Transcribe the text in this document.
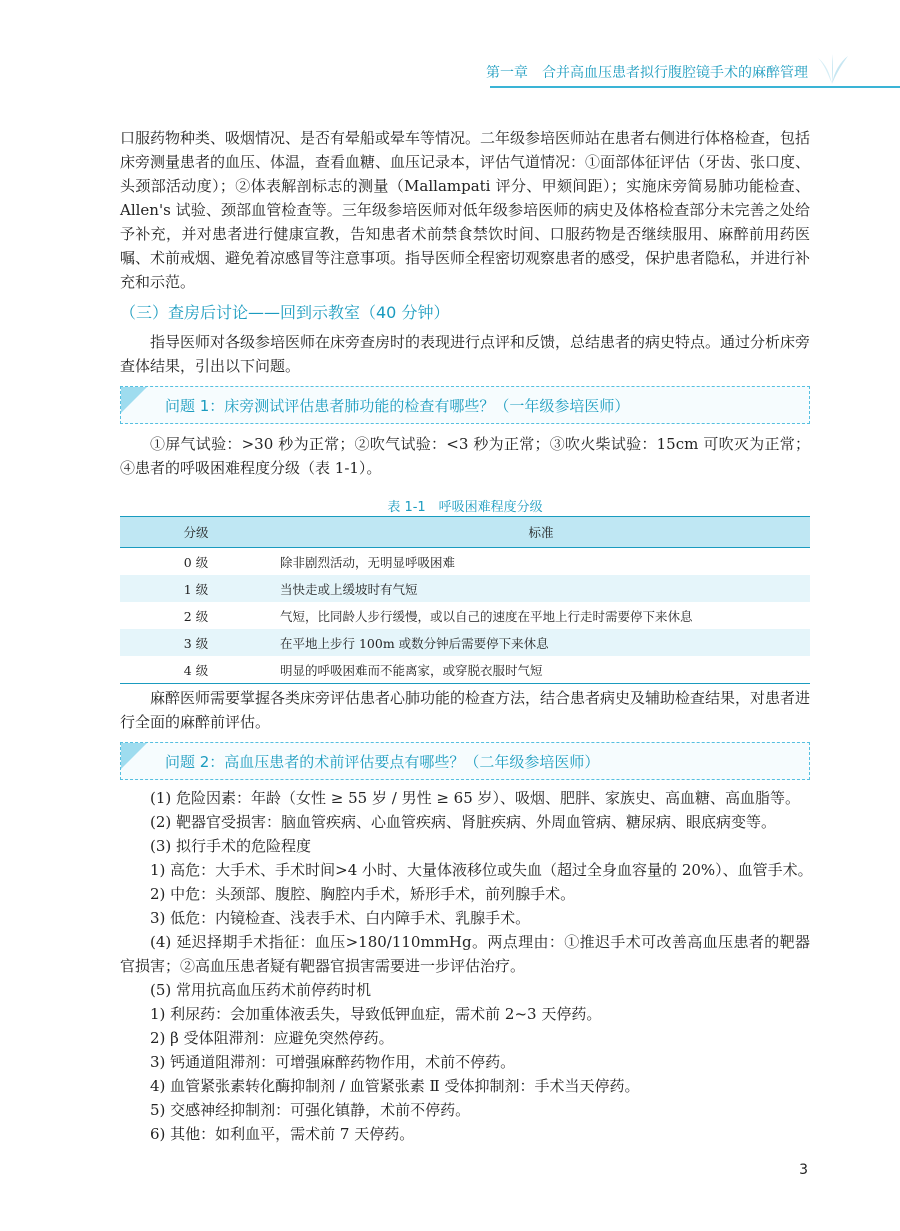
第一章　合并高血压患者拟行腹腔镜手术的麻醉管理

口服药物种类、吸烟情况、是否有晕船或晕车等情况。二年级参培医师站在患者右侧进行体格检查，包括床旁测量患者的血压、体温，查看血糖、血压记录本，评估气道情况：①面部体征评估（牙齿、张口度、头颈部活动度）；②体表解剖标志的测量（Mallampati 评分、甲颏间距）；实施床旁简易肺功能检查、Allen's 试验、颈部血管检查等。三年级参培医师对低年级参培医师的病史及体格检查部分未完善之处给予补充，并对患者进行健康宣教，告知患者术前禁食禁饮时间、口服药物是否继续服用、麻醉前用药医嘱、术前戒烟、避免着凉感冒等注意事项。指导医师全程密切观察患者的感受，保护患者隐私，并进行补充和示范。

（三）查房后讨论——回到示教室（40 分钟）

指导医师对各级参培医师在床旁查房时的表现进行点评和反馈，总结患者的病史特点。通过分析床旁查体结果，引出以下问题。

问题 1：床旁测试评估患者肺功能的检查有哪些？（一年级参培医师）

①屏气试验：>30 秒为正常；②吹气试验：<3 秒为正常；③吹火柴试验：15cm 可吹灭为正常；④患者的呼吸困难程度分级（表 1-1）。

表 1-1　呼吸困难程度分级
分级	标准
0 级	除非剧烈活动，无明显呼吸困难
1 级	当快走或上缓坡时有气短
2 级	气短，比同龄人步行缓慢，或以自己的速度在平地上行走时需要停下来休息
3 级	在平地上步行 100m 或数分钟后需要停下来休息
4 级	明显的呼吸困难而不能离家，或穿脱衣服时气短

麻醉医师需要掌握各类床旁评估患者心肺功能的检查方法，结合患者病史及辅助检查结果，对患者进行全面的麻醉前评估。

问题 2：高血压患者的术前评估要点有哪些？（二年级参培医师）
(1) 危险因素：年龄（女性 ≥ 55 岁 / 男性 ≥ 65 岁）、吸烟、肥胖、家族史、高血糖、高血脂等。
(2) 靶器官受损害：脑血管疾病、心血管疾病、肾脏疾病、外周血管病、糖尿病、眼底病变等。
(3) 拟行手术的危险程度
1) 高危：大手术、手术时间>4 小时、大量体液移位或失血（超过全身血容量的 20%）、血管手术。
2) 中危：头颈部、腹腔、胸腔内手术，矫形手术，前列腺手术。
3) 低危：内镜检查、浅表手术、白内障手术、乳腺手术。

(4) 延迟择期手术指征：血压>180/110mmHg。两点理由：①推迟手术可改善高血压患者的靶器官损害；②高血压患者疑有靶器官损害需要进一步评估治疗。

(5) 常用抗高血压药术前停药时机
1) 利尿药：会加重体液丢失，导致低钾血症，需术前 2~3 天停药。
2) β 受体阻滞剂：应避免突然停药。
3) 钙通道阻滞剂：可增强麻醉药物作用，术前不停药。
4) 血管紧张素转化酶抑制剂 / 血管紧张素 Ⅱ 受体抑制剂：手术当天停药。
5) 交感神经抑制剂：可强化镇静，术前不停药。
6) 其他：如利血平，需术前 7 天停药。
3
